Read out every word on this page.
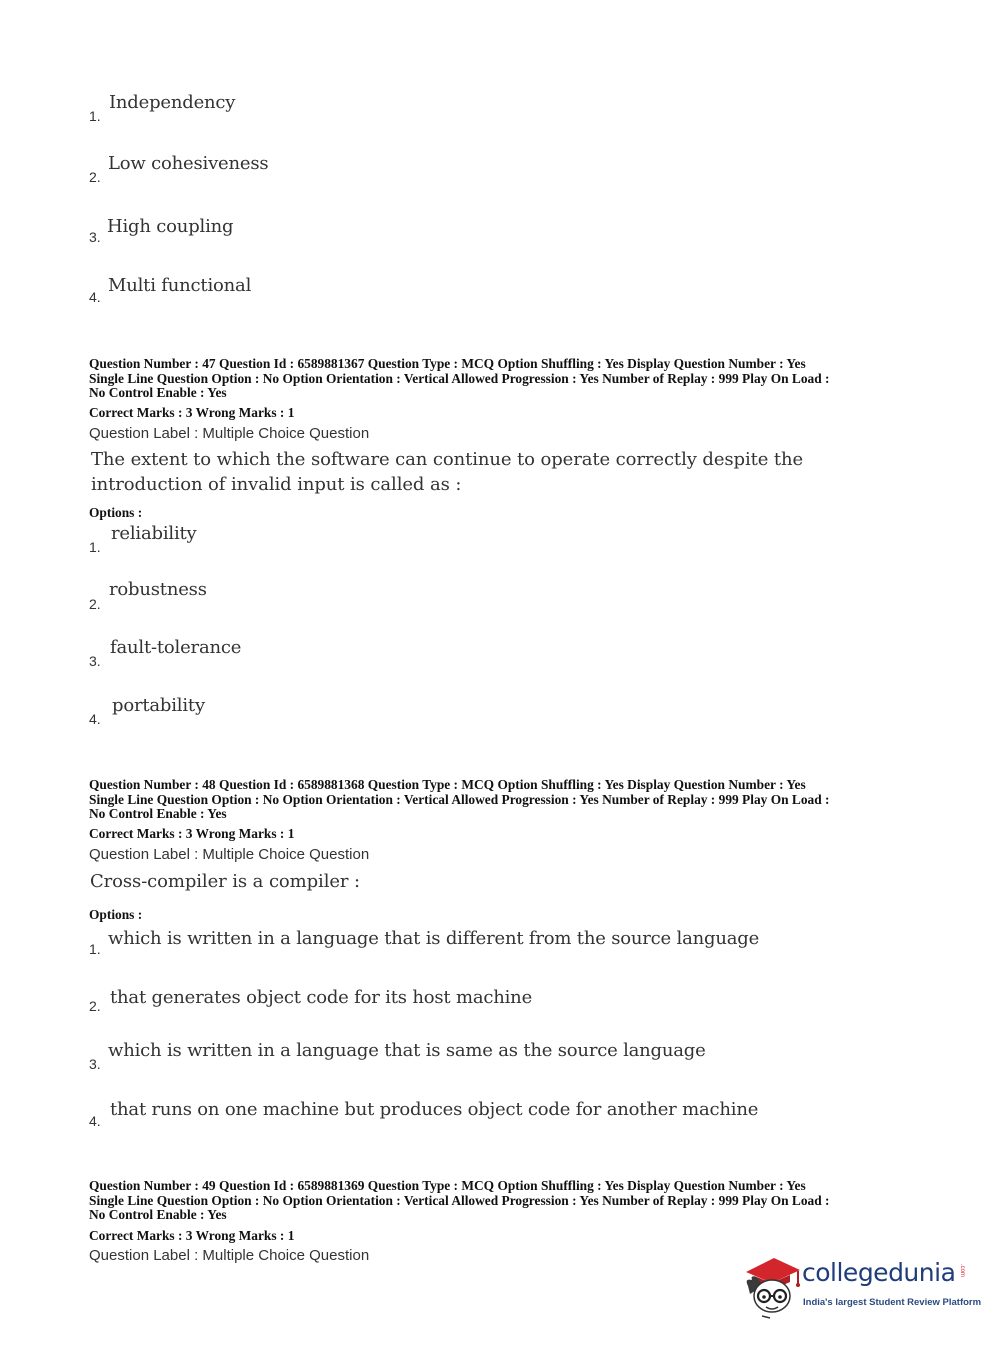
1.
Independency
2.
Low cohesiveness
3. High coupling
4.
Multi functional
Question Number : 47 Question Id : 6589881367 Question Type : MCQ Option Shuffling : Yes Display Question Number : Yes
Single Line Question Option : No Option Orientation : Vertical Allowed Progression : Yes Number of Replay : 999 Play On Load :
No Control Enable : Yes
Correct Marks : 3 Wrong Marks : 1
Question Label : Multiple Choice Question
The extent to which the software can continue to operate correctly despite the
introduction of invalid input is called as :
Options :
1.
reliability
2.
robustness
3.
fault-tolerance
4.
portability
Question Number : 48 Question Id : 6589881368 Question Type : MCQ Option Shuffling : Yes Display Question Number : Yes
Single Line Question Option : No Option Orientation : Vertical Allowed Progression : Yes Number of Replay : 999 Play On Load :
No Control Enable : Yes
Correct Marks : 3 Wrong Marks : 1
Question Label : Multiple Choice Question
Cross-compiler is a compiler :
Options :
1. which is written in a language that is different from the source language
2. that generates object code for its host machine
3.
which is written in a language that is same as the source language
4.
that runs on one machine but produces object code for another machine
Question Number : 49 Question Id : 6589881369 Question Type : MCQ Option Shuffling : Yes Display Question Number : Yes
Single Line Question Option : No Option Orientation : Vertical Allowed Progression : Yes Number of Replay : 999 Play On Load :
No Control Enable : Yes
Correct Marks : 3 Wrong Marks : 1
Question Label : Multiple Choice Question
collegedunia .com
India's largest Student Review Platform
